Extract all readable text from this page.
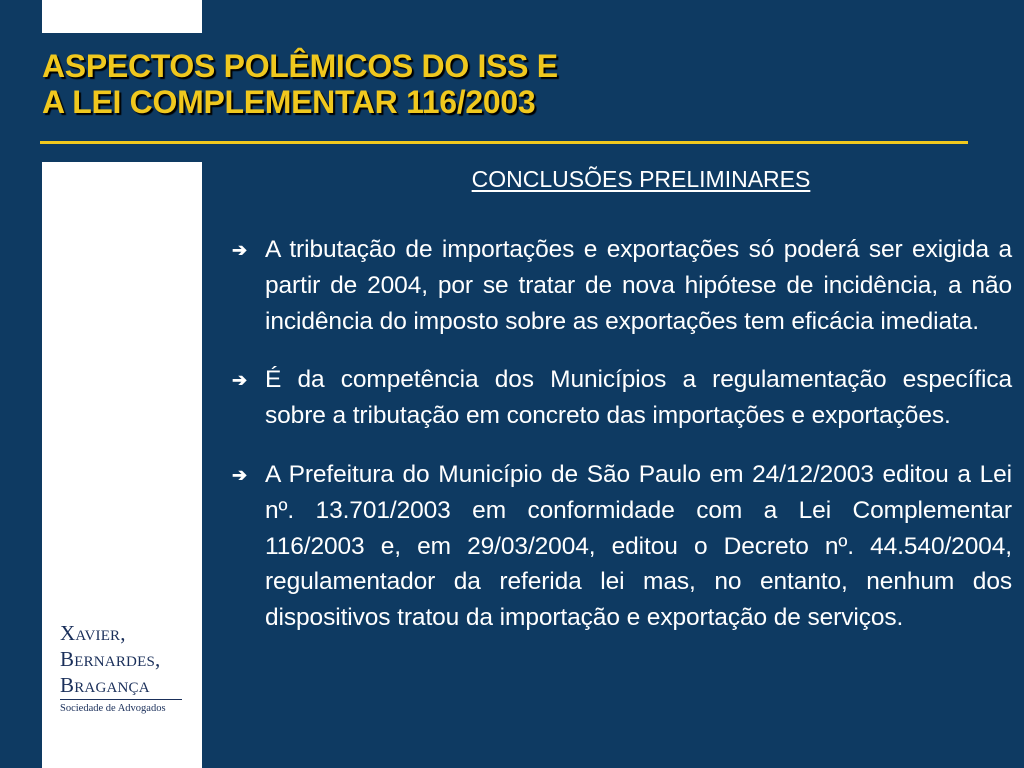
ASPECTOS POLÊMICOS DO ISS E
A LEI COMPLEMENTAR 116/2003
Xavier,
Bernardes,
Bragança
Sociedade de Advogados
CONCLUSÕES PRELIMINARES
➔ A tributação de importações e exportações só poderá ser exigida a partir de 2004, por se tratar de nova hipótese de incidência, a não incidência do imposto sobre as exportações tem eficácia imediata.
➔ É da competência dos Municípios a regulamentação específica sobre a tributação em concreto das importações e exportações.
➔ A Prefeitura do Município de São Paulo em 24/12/2003 editou a Lei nº. 13.701/2003 em conformidade com a Lei Complementar 116/2003 e, em 29/03/2004, editou o Decreto nº. 44.540/2004, regulamentador da referida lei mas, no entanto, nenhum dos dispositivos tratou da importação e exportação de serviços.
